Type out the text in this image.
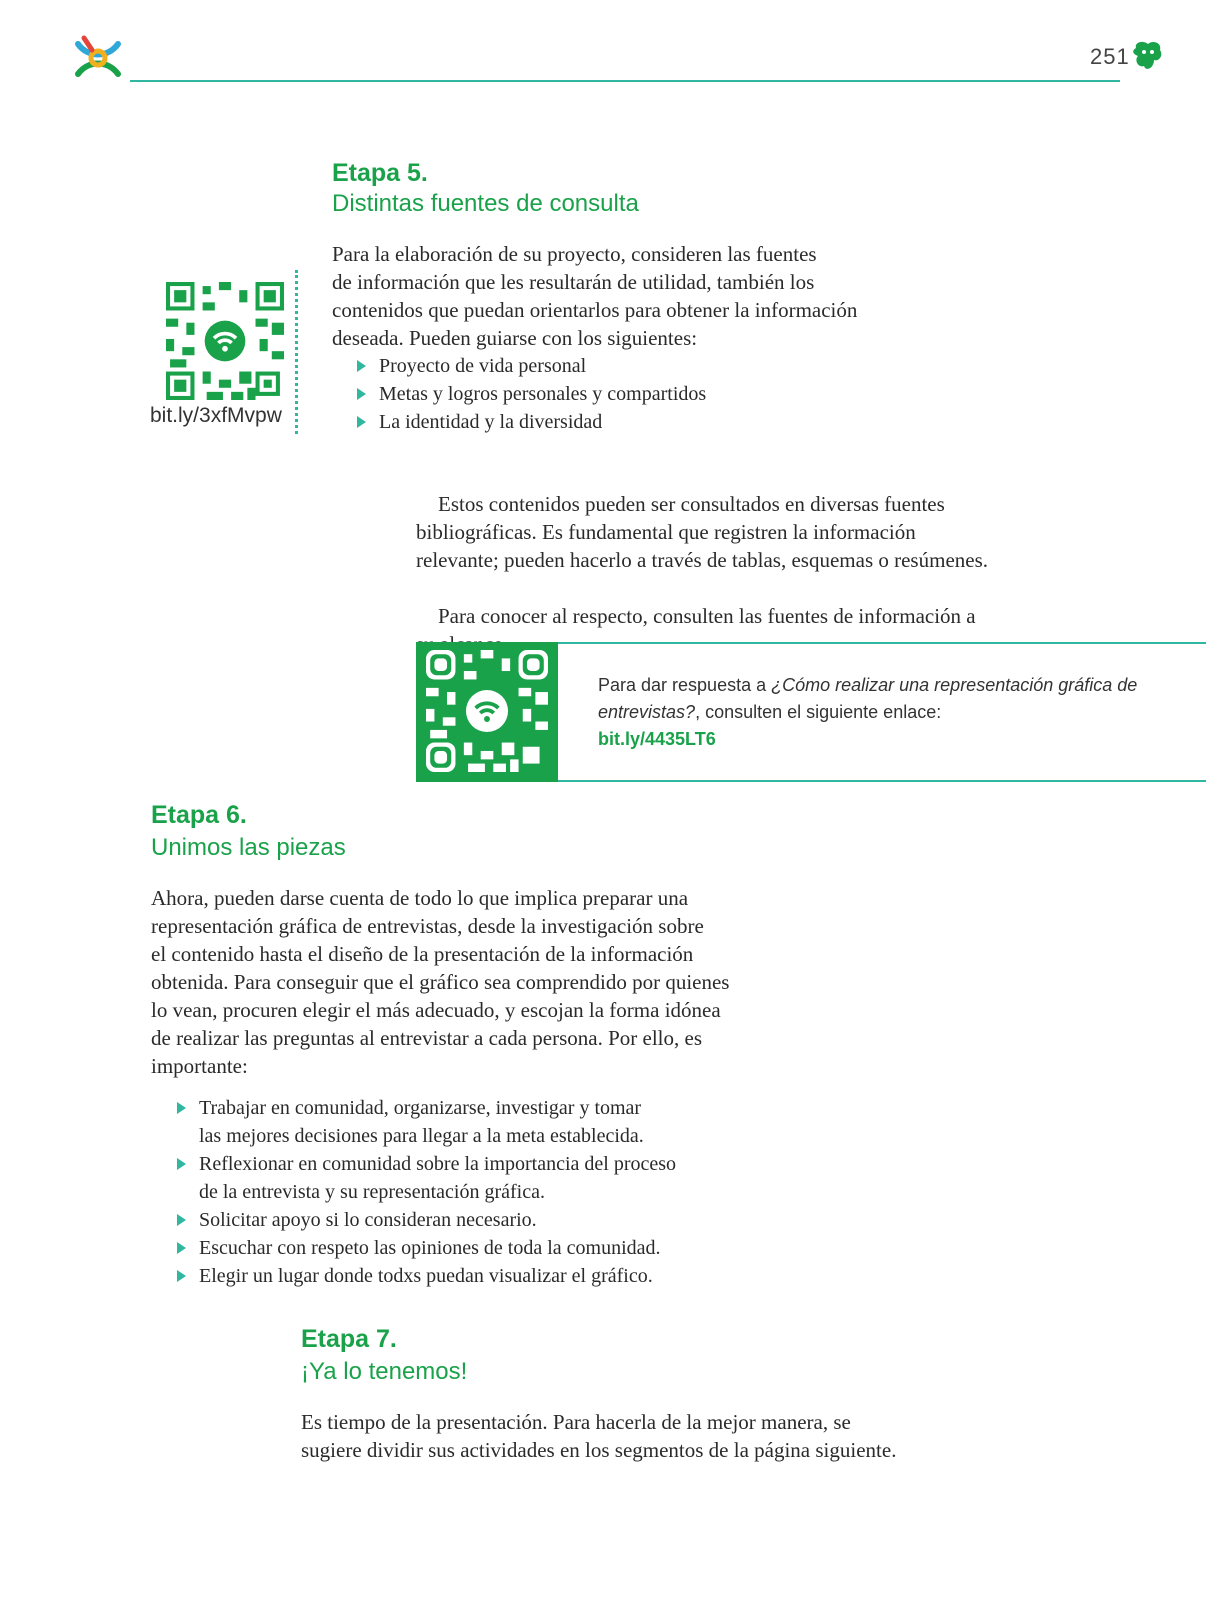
251
Etapa 5.
Distintas fuentes de consulta
bit.ly/3xfMvpw
Para la elaboración de su proyecto, consideren las fuentes
de información que les resultarán de utilidad, también los
contenidos que puedan orientarlos para obtener la información
deseada. Pueden guiarse con los siguientes:
Proyecto de vida personal
Metas y logros personales y compartidos
La identidad y la diversidad

Estos contenidos pueden ser consultados en diversas fuentes
bibliográficas. Es fundamental que registren la información
relevante; pueden hacerlo a través de tablas, esquemas o resúmenes.

Para conocer al respecto, consulten las fuentes de información a

Para dar respuesta a ¿Cómo realizar una representación gráfica de entrevistas?, consulten el siguiente enlace:
bit.ly/4435LT6
Etapa 6.
Unimos las piezas
Ahora, pueden darse cuenta de todo lo que implica preparar una
representación gráfica de entrevistas, desde la investigación sobre
el contenido hasta el diseño de la presentación de la información
obtenida. Para conseguir que el gráfico sea comprendido por quienes
lo vean, procuren elegir el más adecuado, y escojan la forma idónea
de realizar las preguntas al entrevistar a cada persona. Por ello, es
importante:
Trabajar en comunidad, organizarse, investigar y tomar
las mejores decisiones para llegar a la meta establecida.
Reflexionar en comunidad sobre la importancia del proceso
de la entrevista y su representación gráfica.
Solicitar apoyo si lo consideran necesario.
Escuchar con respeto las opiniones de toda la comunidad.
Elegir un lugar donde todxs puedan visualizar el gráfico.
Etapa 7.
¡Ya lo tenemos!
Es tiempo de la presentación. Para hacerla de la mejor manera, se
sugiere dividir sus actividades en los segmentos de la página siguiente.
